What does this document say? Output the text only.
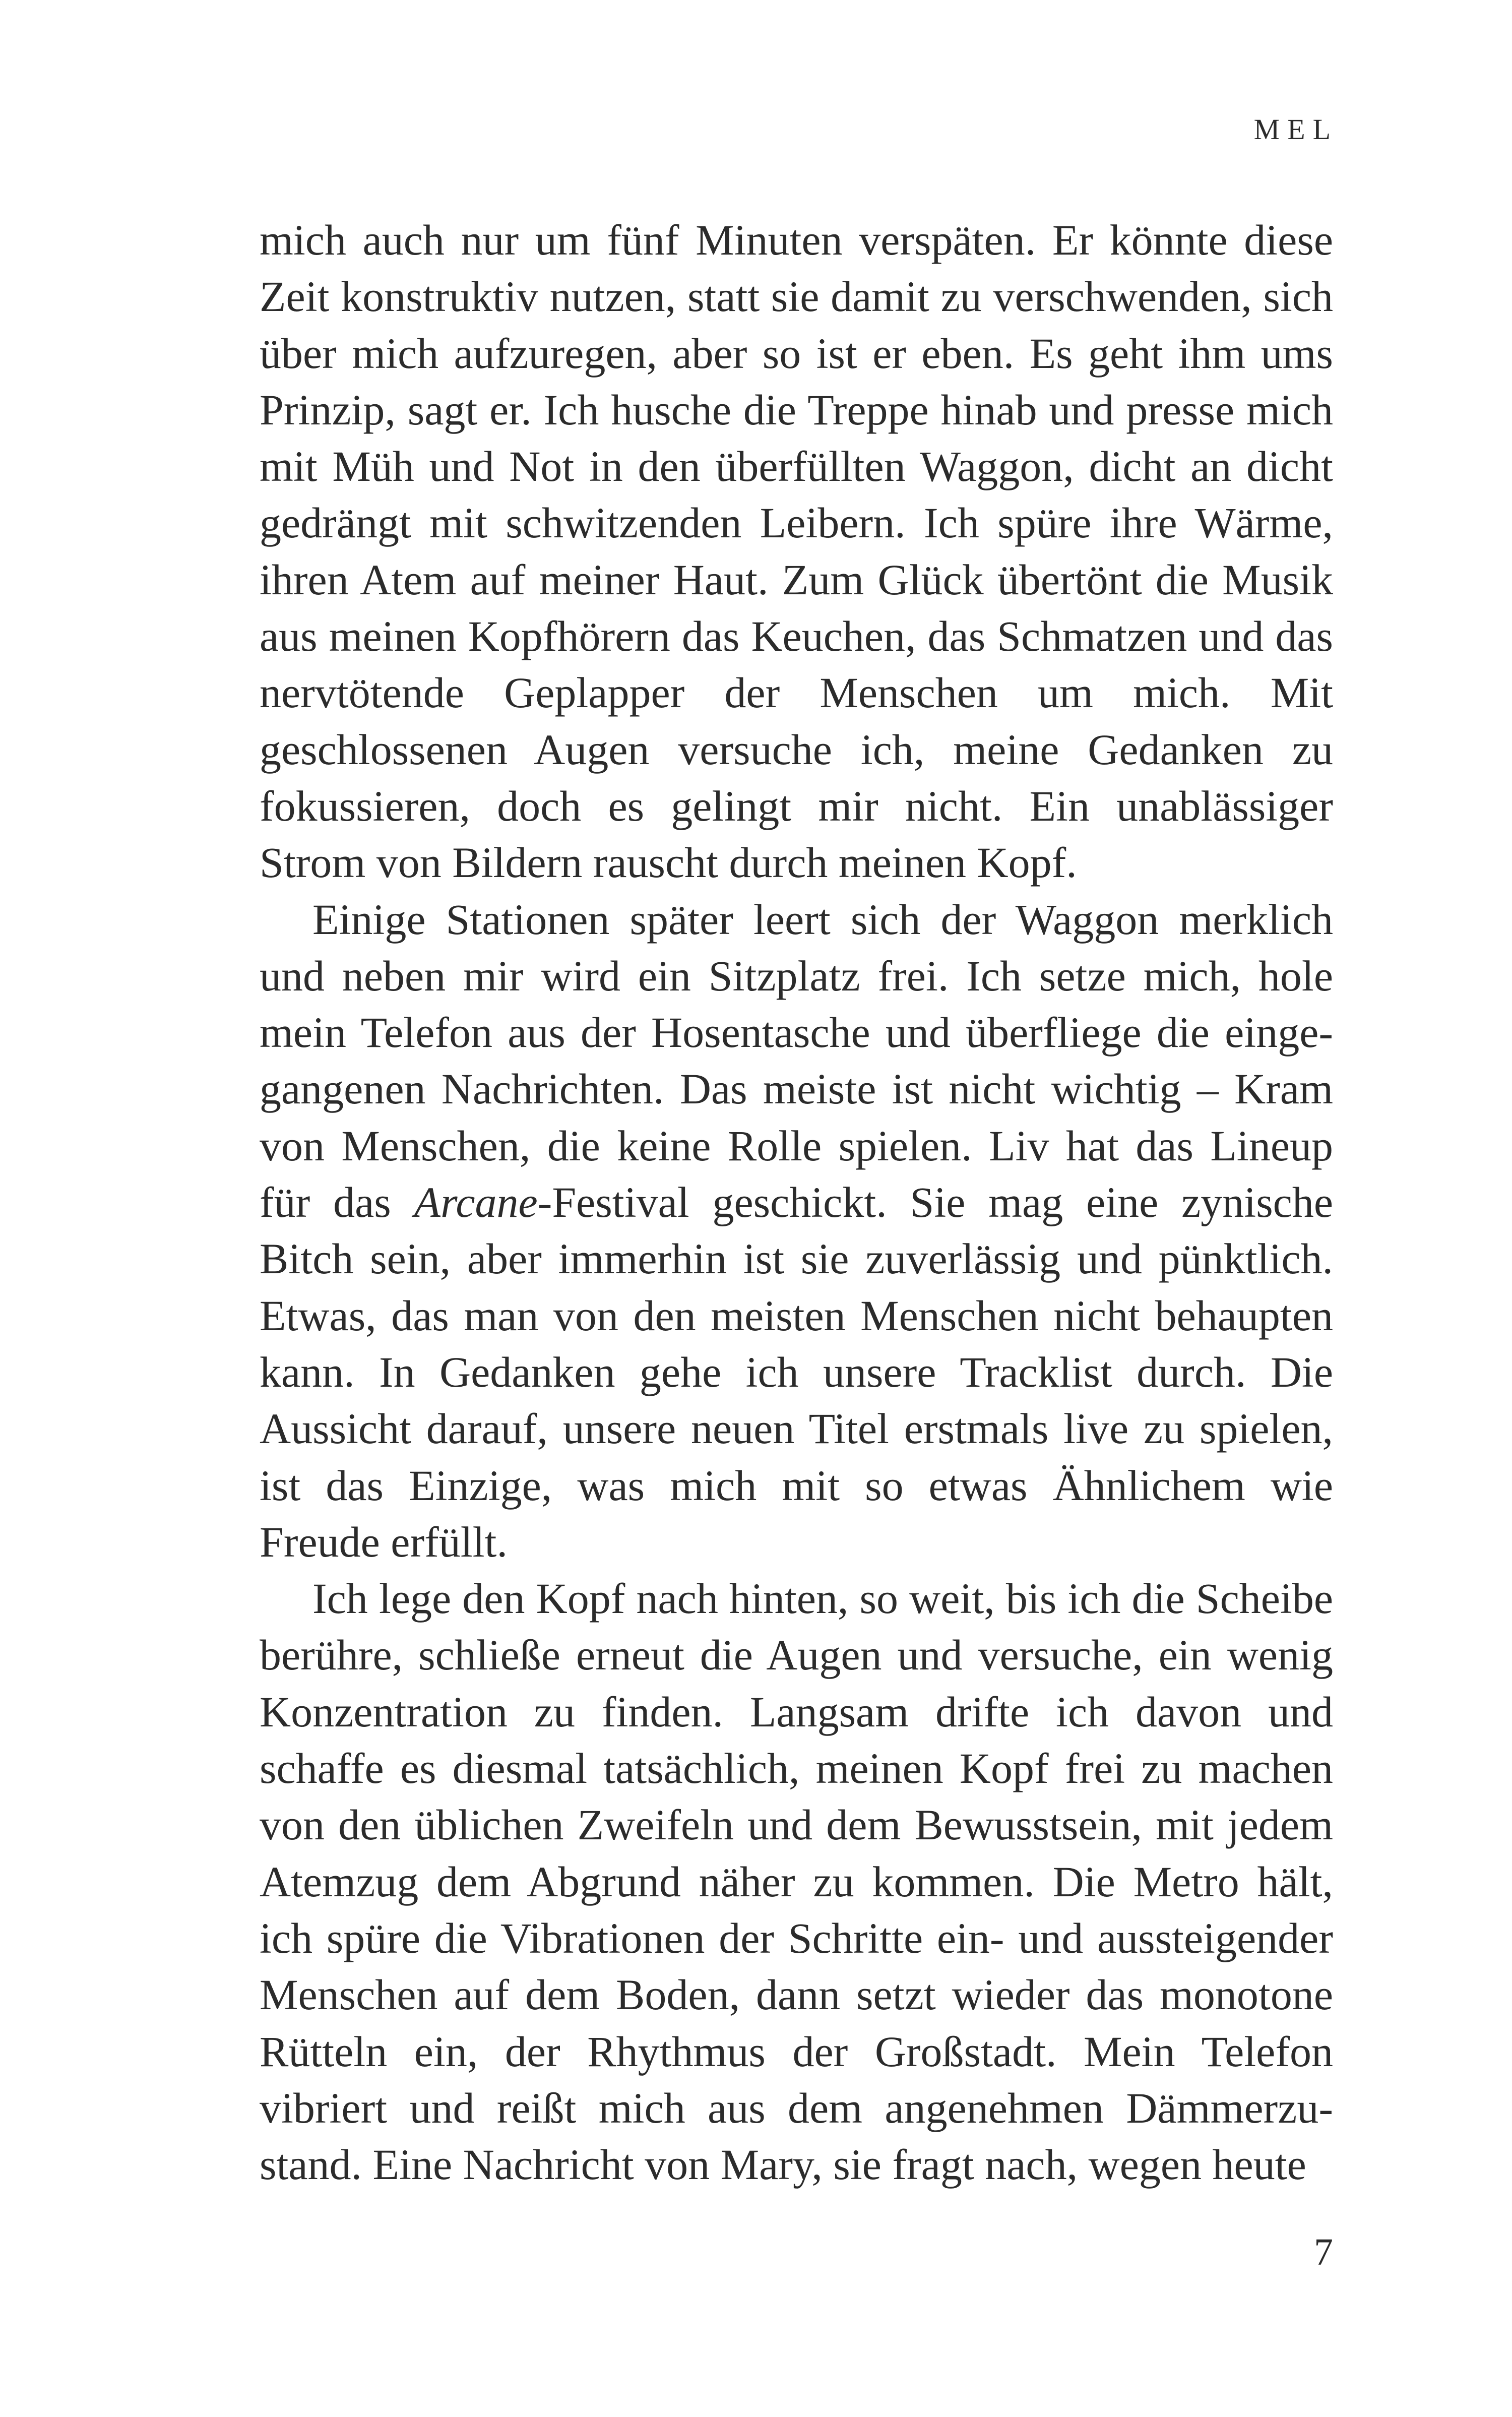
MEL

mich auch nur um fünf Minuten verspäten. Er könnte diese Zeit konstruktiv nutzen, statt sie damit zu verschwenden, sich über mich aufzuregen, aber so ist er eben. Es geht ihm ums Prinzip, sagt er. Ich husche die Treppe hinab und presse mich mit Müh und Not in den überfüllten Waggon, dicht an dicht gedrängt mit schwitzenden Leibern. Ich spüre ihre Wärme, ihren Atem auf meiner Haut. Zum Glück übertönt die Musik aus meinen Kopfhörern das Keuchen, das Schmatzen und das nervtötende Geplapper der Menschen um mich. Mit geschlossenen Augen versuche ich, meine Gedanken zu fokussieren, doch es gelingt mir nicht. Ein unablässiger Strom von Bildern rauscht durch meinen Kopf.

Einige Stationen später leert sich der Waggon merklich und neben mir wird ein Sitzplatz frei. Ich setze mich, hole mein Telefon aus der Hosentasche und überfliege die eingegangenen Nachrichten. Das meiste ist nicht wichtig – Kram von Menschen, die keine Rolle spielen. Liv hat das Lineup für das Arcane-Festival geschickt. Sie mag eine zynische Bitch sein, aber immerhin ist sie zuverlässig und pünktlich. Etwas, das man von den meisten Menschen nicht behaupten kann. In Gedanken gehe ich unsere Tracklist durch. Die Aussicht darauf, unsere neuen Titel erstmals live zu spielen, ist das Einzige, was mich mit so etwas Ähnlichem wie Freude erfüllt.

Ich lege den Kopf nach hinten, so weit, bis ich die Scheibe berühre, schließe erneut die Augen und versuche, ein wenig Konzentration zu finden. Langsam drifte ich davon und schaffe es diesmal tatsächlich, meinen Kopf frei zu machen von den üblichen Zweifeln und dem Bewusstsein, mit jedem Atemzug dem Abgrund näher zu kommen. Die Metro hält, ich spüre die Vibrationen der Schritte ein- und aussteigender Menschen auf dem Boden, dann setzt wieder das monotone Rütteln ein, der Rhythmus der Großstadt. Mein Telefon vibriert und reißt mich aus dem angenehmen Dämmerzustand. Eine Nachricht von Mary, sie fragt nach, wegen heute

7
